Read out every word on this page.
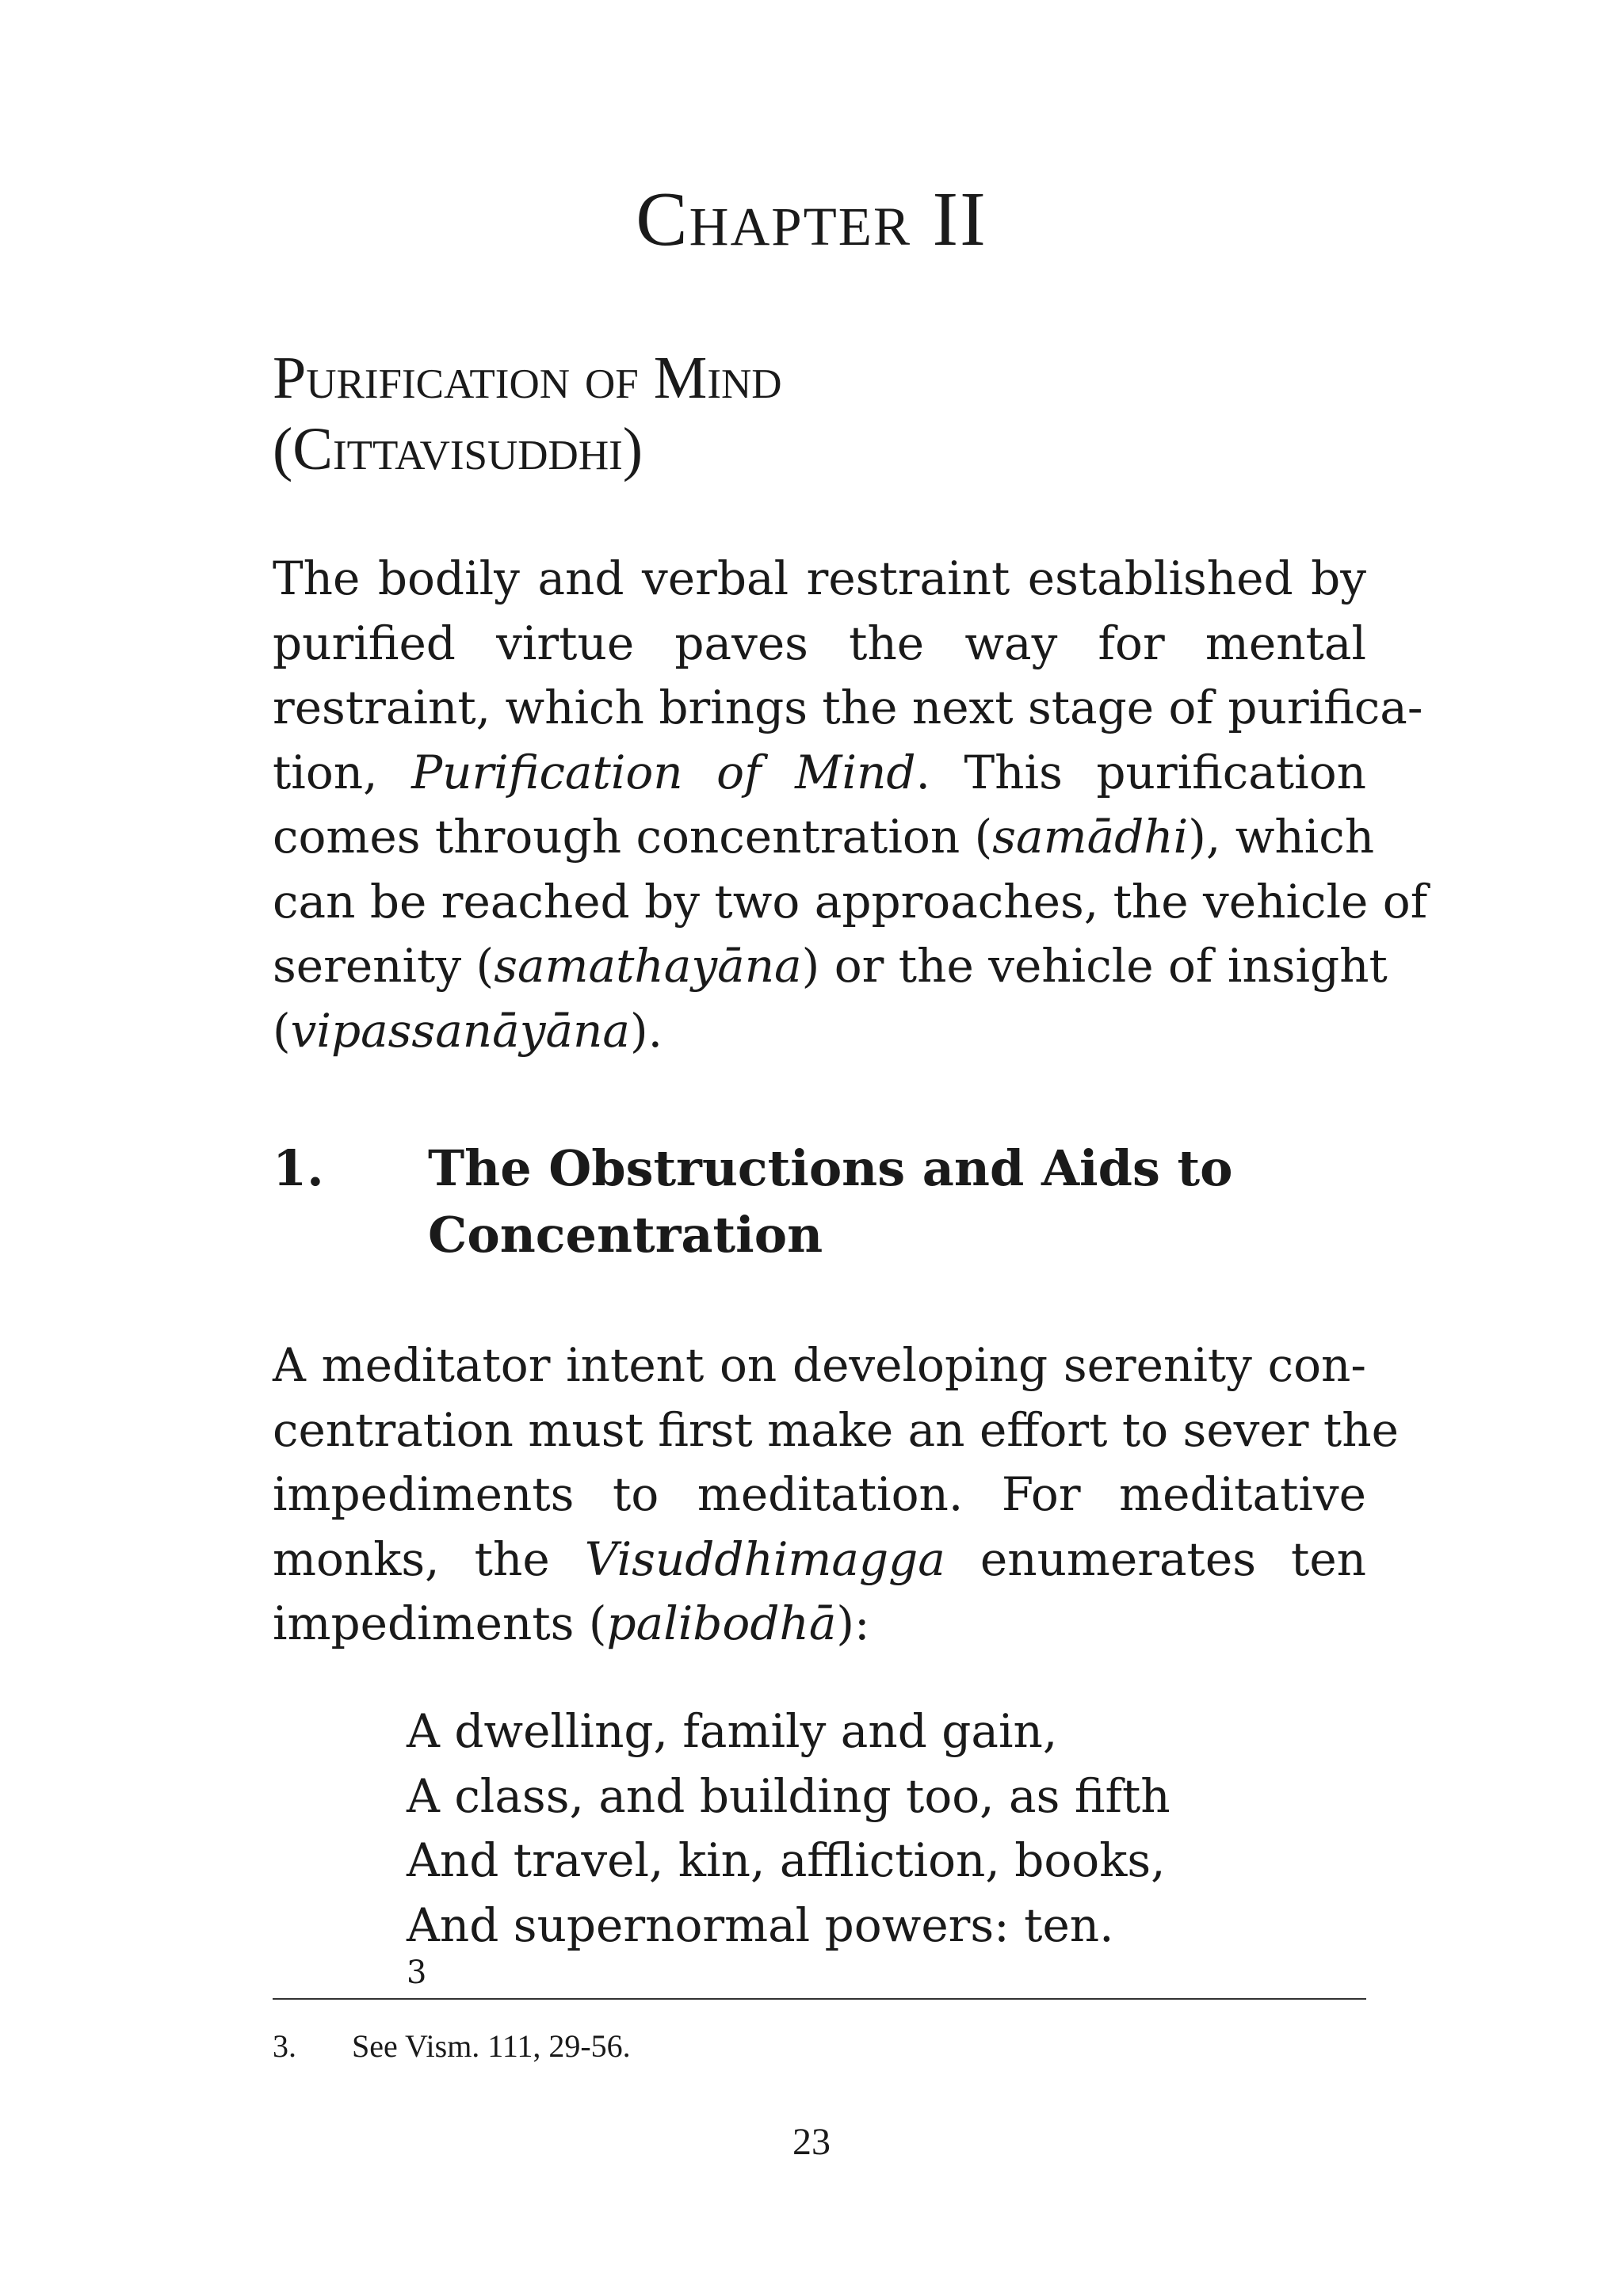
Chapter II
Purification of Mind
(Cittavisuddhi)

The bodily and verbal restraint established by
purified virtue paves the way for mental
restraint, which brings the next stage of purifica-
tion, Purification of Mind. This purification
comes through concentration (samādhi), which
can be reached by two approaches, the vehicle of
serenity (samathayāna) or the vehicle of insight
(vipassanāyāna).

1. The Obstructions and Aids to
Concentration

A meditator intent on developing serenity con-
centration must first make an effort to sever the
impediments to meditation. For meditative
monks, the Visuddhimagga enumerates ten
impediments (palibodhā):

A dwelling, family and gain,
A class, and building too, as fifth
And travel, kin, affliction, books,
And supernormal powers: ten.
$^3$
3. See Vism. 111, 29-56.
23
